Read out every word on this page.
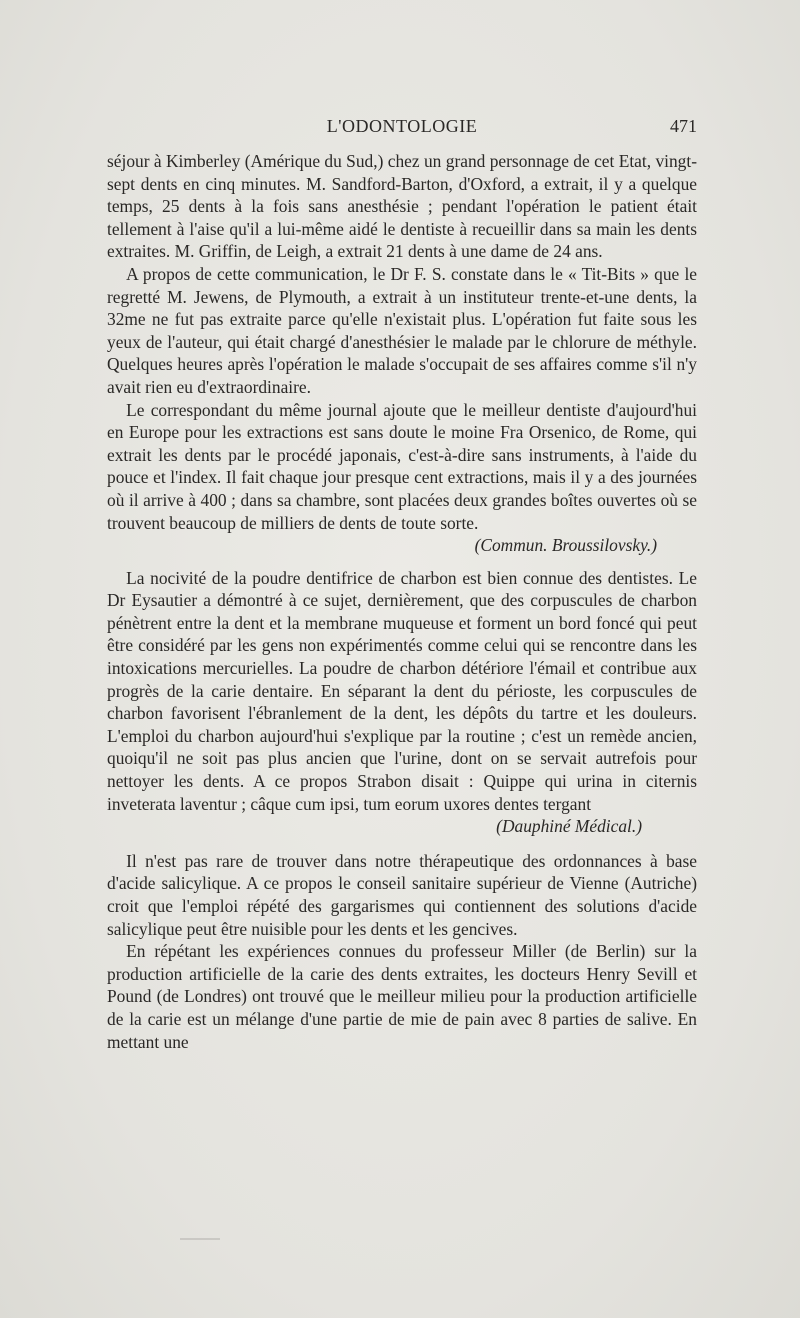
L'ODONTOLOGIE	471

séjour à Kimberley (Amérique du Sud,) chez un grand personnage de cet Etat, vingt-sept dents en cinq minutes. M. Sandford-Barton, d'Oxford, a extrait, il y a quelque temps, 25 dents à la fois sans anesthésie ; pendant l'opération le patient était tellement à l'aise qu'il a lui-même aidé le dentiste à recueillir dans sa main les dents extraites. M. Griffin, de Leigh, a extrait 21 dents à une dame de 24 ans.

A propos de cette communication, le Dr F. S. constate dans le « Tit-Bits » que le regretté M. Jewens, de Plymouth, a extrait à un instituteur trente-et-une dents, la 32me ne fut pas extraite parce qu'elle n'existait plus. L'opération fut faite sous les yeux de l'auteur, qui était chargé d'anesthésier le malade par le chlorure de méthyle. Quelques heures après l'opération le malade s'occupait de ses affaires comme s'il n'y avait rien eu d'extraordinaire.

Le correspondant du même journal ajoute que le meilleur dentiste d'aujourd'hui en Europe pour les extractions est sans doute le moine Fra Orsenico, de Rome, qui extrait les dents par le procédé japonais, c'est-à-dire sans instruments, à l'aide du pouce et l'index. Il fait chaque jour presque cent extractions, mais il y a des journées où il arrive à 400 ; dans sa chambre, sont placées deux grandes boîtes ouvertes où se trouvent beaucoup de milliers de dents de toute sorte.

(Commun. Broussilovsky.)

La nocivité de la poudre dentifrice de charbon est bien connue des dentistes. Le Dr Eysautier a démontré à ce sujet, dernièrement, que des corpuscules de charbon pénètrent entre la dent et la membrane muqueuse et forment un bord foncé qui peut être considéré par les gens non expérimentés comme celui qui se rencontre dans les intoxications mercurielles. La poudre de charbon détériore l'émail et contribue aux progrès de la carie dentaire. En séparant la dent du périoste, les corpuscules de charbon favorisent l'ébranlement de la dent, les dépôts du tartre et les douleurs. L'emploi du charbon aujourd'hui s'explique par la routine ; c'est un remède ancien, quoiqu'il ne soit pas plus ancien que l'urine, dont on se servait autrefois pour nettoyer les dents. A ce propos Strabon disait : Quippe qui urina in citernis inveterata laventur ; câque cum ipsi, tum eorum uxores dentes tergant

(Dauphiné Médical.)

Il n'est pas rare de trouver dans notre thérapeutique des ordonnances à base d'acide salicylique. A ce propos le conseil sanitaire supérieur de Vienne (Autriche) croit que l'emploi répété des gargarismes qui contiennent des solutions d'acide salicylique peut être nuisible pour les dents et les gencives.

En répétant les expériences connues du professeur Miller (de Berlin) sur la production artificielle de la carie des dents extraites, les docteurs Henry Sevill et Pound (de Londres) ont trouvé que le meilleur milieu pour la production artificielle de la carie est un mélange d'une partie de mie de pain avec 8 parties de salive. En mettant une
